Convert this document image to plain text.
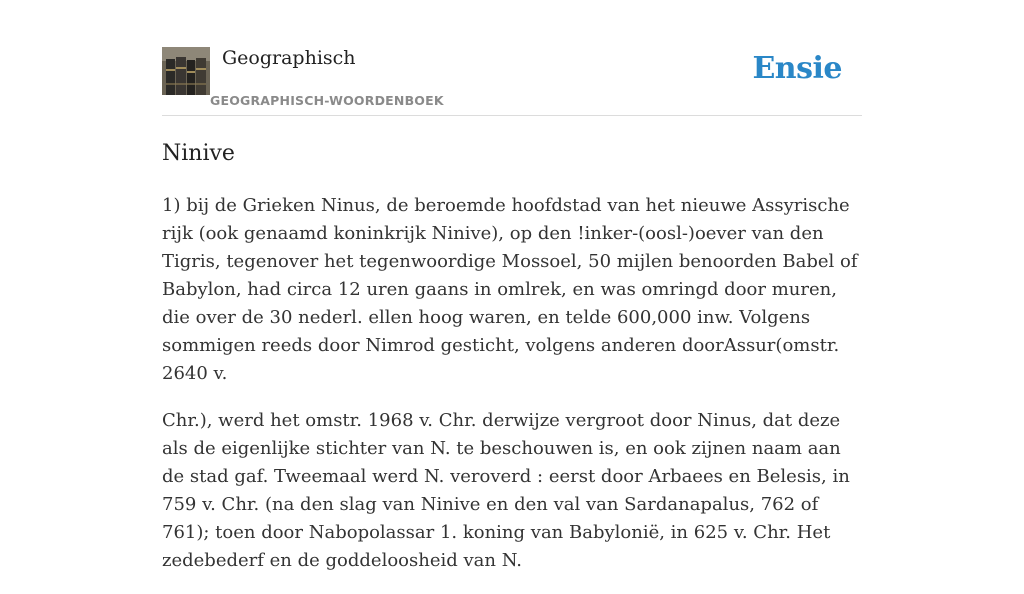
Geographisch
GEOGRAPHISCH-WOORDENBOEK
Ensie
Ninive

1) bij de Grieken Ninus, de beroemde hoofdstad van het nieuwe Assyrische rijk (ook genaamd koninkrijk Ninive), op den !inker-(oosl-)oever van den Tigris, tegenover het tegenwoordige Mossoel, 50 mijlen benoorden Babel of Babylon, had circa 12 uren gaans in omlrek, en was omringd door muren, die over de 30 nederl. ellen hoog waren, en telde 600,000 inw. Volgens sommigen reeds door Nimrod gesticht, volgens anderen doorAssur(omstr. 2640 v.

Chr.), werd het omstr. 1968 v. Chr. derwijze vergroot door Ninus, dat deze als de eigenlijke stichter van N. te beschouwen is, en ook zijnen naam aan de stad gaf. Tweemaal werd N. veroverd : eerst door Arbaees en Belesis, in 759 v. Chr. (na den slag van Ninive en den val van Sardanapalus, 762 of 761); toen door Nabopolassar 1. koning van Babylonië, in 625 v. Chr. Het zedebederf en de goddeloosheid van N.
